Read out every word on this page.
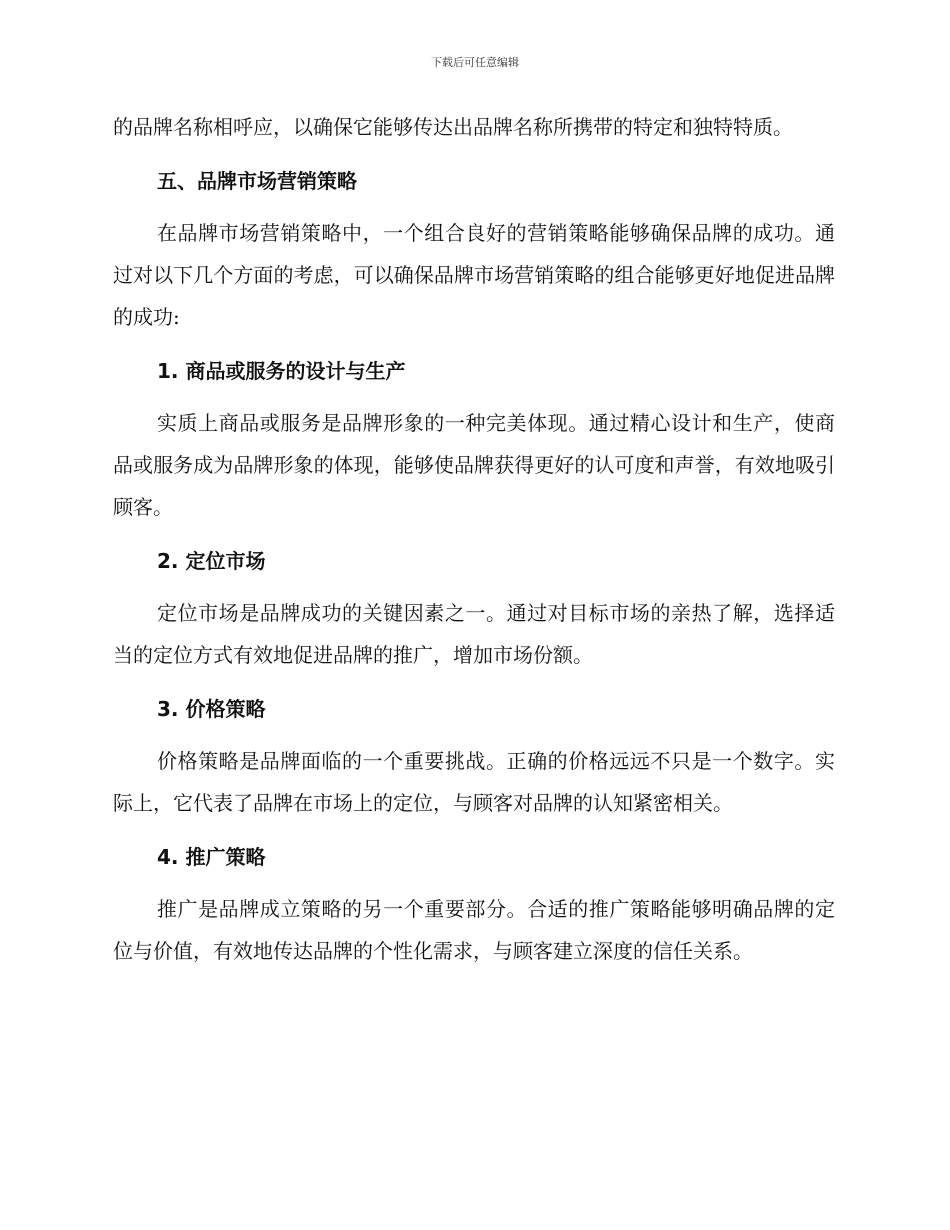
下载后可任意编辑

的品牌名称相呼应，以确保它能够传达出品牌名称所携带的特定和独特特质。

五、品牌市场营销策略

在品牌市场营销策略中，一个组合良好的营销策略能够确保品牌的成功。通过对以下几个方面的考虑，可以确保品牌市场营销策略的组合能够更好地促进品牌的成功:

1. 商品或服务的设计与生产

实质上商品或服务是品牌形象的一种完美体现。通过精心设计和生产，使商品或服务成为品牌形象的体现，能够使品牌获得更好的认可度和声誉，有效地吸引顾客。

2. 定位市场

定位市场是品牌成功的关键因素之一。通过对目标市场的亲热了解，选择适当的定位方式有效地促进品牌的推广，增加市场份额。

3. 价格策略

价格策略是品牌面临的一个重要挑战。正确的价格远远不只是一个数字。实际上，它代表了品牌在市场上的定位，与顾客对品牌的认知紧密相关。

4. 推广策略

推广是品牌成立策略的另一个重要部分。合适的推广策略能够明确品牌的定位与价值，有效地传达品牌的个性化需求，与顾客建立深度的信任关系。
